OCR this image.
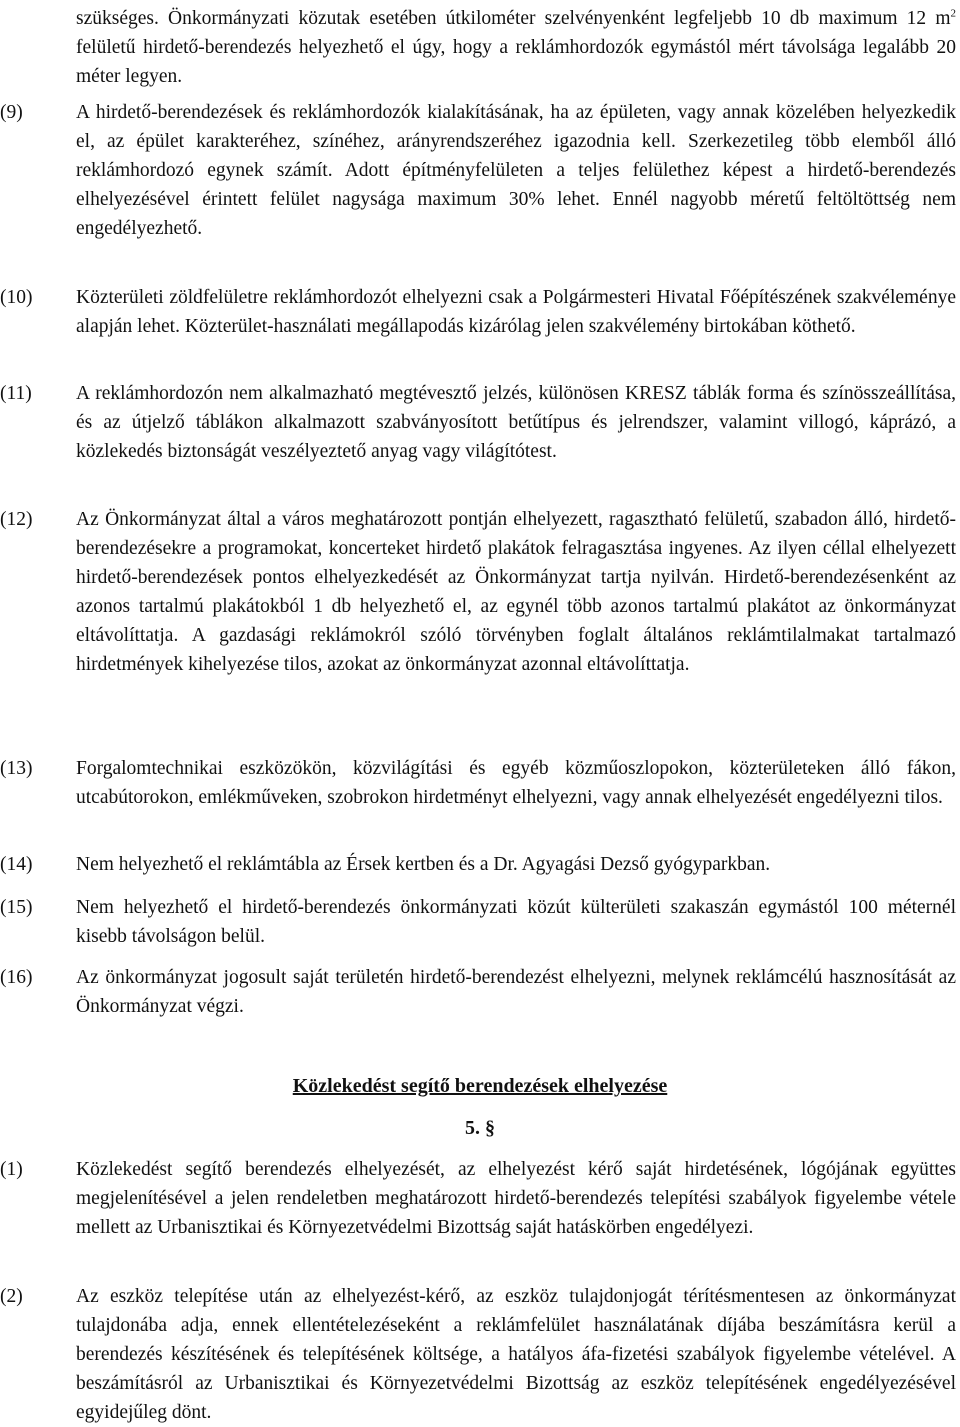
szükséges. Önkormányzati közutak esetében útkilométer szelvényenként legfeljebb 10 db maximum 12 $m^2$ felületű hirdető-berendezés helyezhető el úgy, hogy a reklámhordozók egymástól mért távolsága legalább 20 méter legyen.

(9)	A hirdető-berendezések és reklámhordozók kialakításának, ha az épületen, vagy annak közelében helyezkedik el, az épület karakteréhez, színéhez, arányrendszeréhez igazodnia kell. Szerkezetileg több elemből álló reklámhordozó egynek számít. Adott építményfelületen a teljes felülethez képest a hirdető-berendezés elhelyezésével érintett felület nagysága maximum 30% lehet. Ennél nagyobb méretű feltöltöttség nem engedélyezhető.

(10)	Közterületi zöldfelületre reklámhordozót elhelyezni csak a Polgármesteri Hivatal Főépítészének szakvéleménye alapján lehet. Közterület-használati megállapodás kizárólag jelen szakvélemény birtokában köthető.

(11)	A reklámhordozón nem alkalmazható megtévesztő jelzés, különösen KRESZ táblák forma és színösszeállítása, és az útjelző táblákon alkalmazott szabványosított betűtípus és jelrendszer, valamint villogó, káprázó, a közlekedés biztonságát veszélyeztető anyag vagy világítótest.

(12)	Az Önkormányzat által a város meghatározott pontján elhelyezett, ragasztható felületű, szabadon álló, hirdető-berendezésekre a programokat, koncerteket hirdető plakátok felragasztása ingyenes. Az ilyen céllal elhelyezett hirdető-berendezések pontos elhelyezkedését az Önkormányzat tartja nyilván. Hirdető-berendezésenként az azonos tartalmú plakátokból 1 db helyezhető el, az egynél több azonos tartalmú plakátot az önkormányzat eltávolíttatja. A gazdasági reklámokról szóló törvényben foglalt általános reklámtilalmakat tartalmazó hirdetmények kihelyezése tilos, azokat az önkormányzat azonnal eltávolíttatja.

(13)	Forgalomtechnikai eszközökön, közvilágítási és egyéb közműoszlopokon, közterületeken álló fákon, utcabútorokon, emlékműveken, szobrokon hirdetményt elhelyezni, vagy annak elhelyezését engedélyezni tilos.

(14)	Nem helyezhető el reklámtábla az Érsek kertben és a Dr. Agyagási Dezső gyógyparkban.

(15)	Nem helyezhető el hirdető-berendezés önkormányzati közút külterületi szakaszán egymástól 100 méternél kisebb távolságon belül.

(16)	Az önkormányzat jogosult saját területén hirdető-berendezést elhelyezni, melynek reklámcélú hasznosítását az Önkormányzat végzi.

Közlekedést segítő berendezések elhelyezése
5. §
(1)	Közlekedést segítő berendezés elhelyezését, az elhelyezést kérő saját hirdetésének, lógójának együttes megjelenítésével a jelen rendeletben meghatározott hirdető-berendezés telepítési szabályok figyelembe vétele mellett az Urbanisztikai és Környezetvédelmi Bizottság saját hatáskörben engedélyezi.

(2)	Az eszköz telepítése után az elhelyezést-kérő, az eszköz tulajdonjogát térítésmentesen az önkormányzat tulajdonába adja, ennek ellentételezéseként a reklámfelület használatának díjába beszámításra kerül a berendezés készítésének és telepítésének költsége, a hatályos áfa-fizetési szabályok figyelembe vételével. A beszámításról az Urbanisztikai és Környezetvédelmi Bizottság az eszköz telepítésének engedélyezésével egyidejűleg dönt.
